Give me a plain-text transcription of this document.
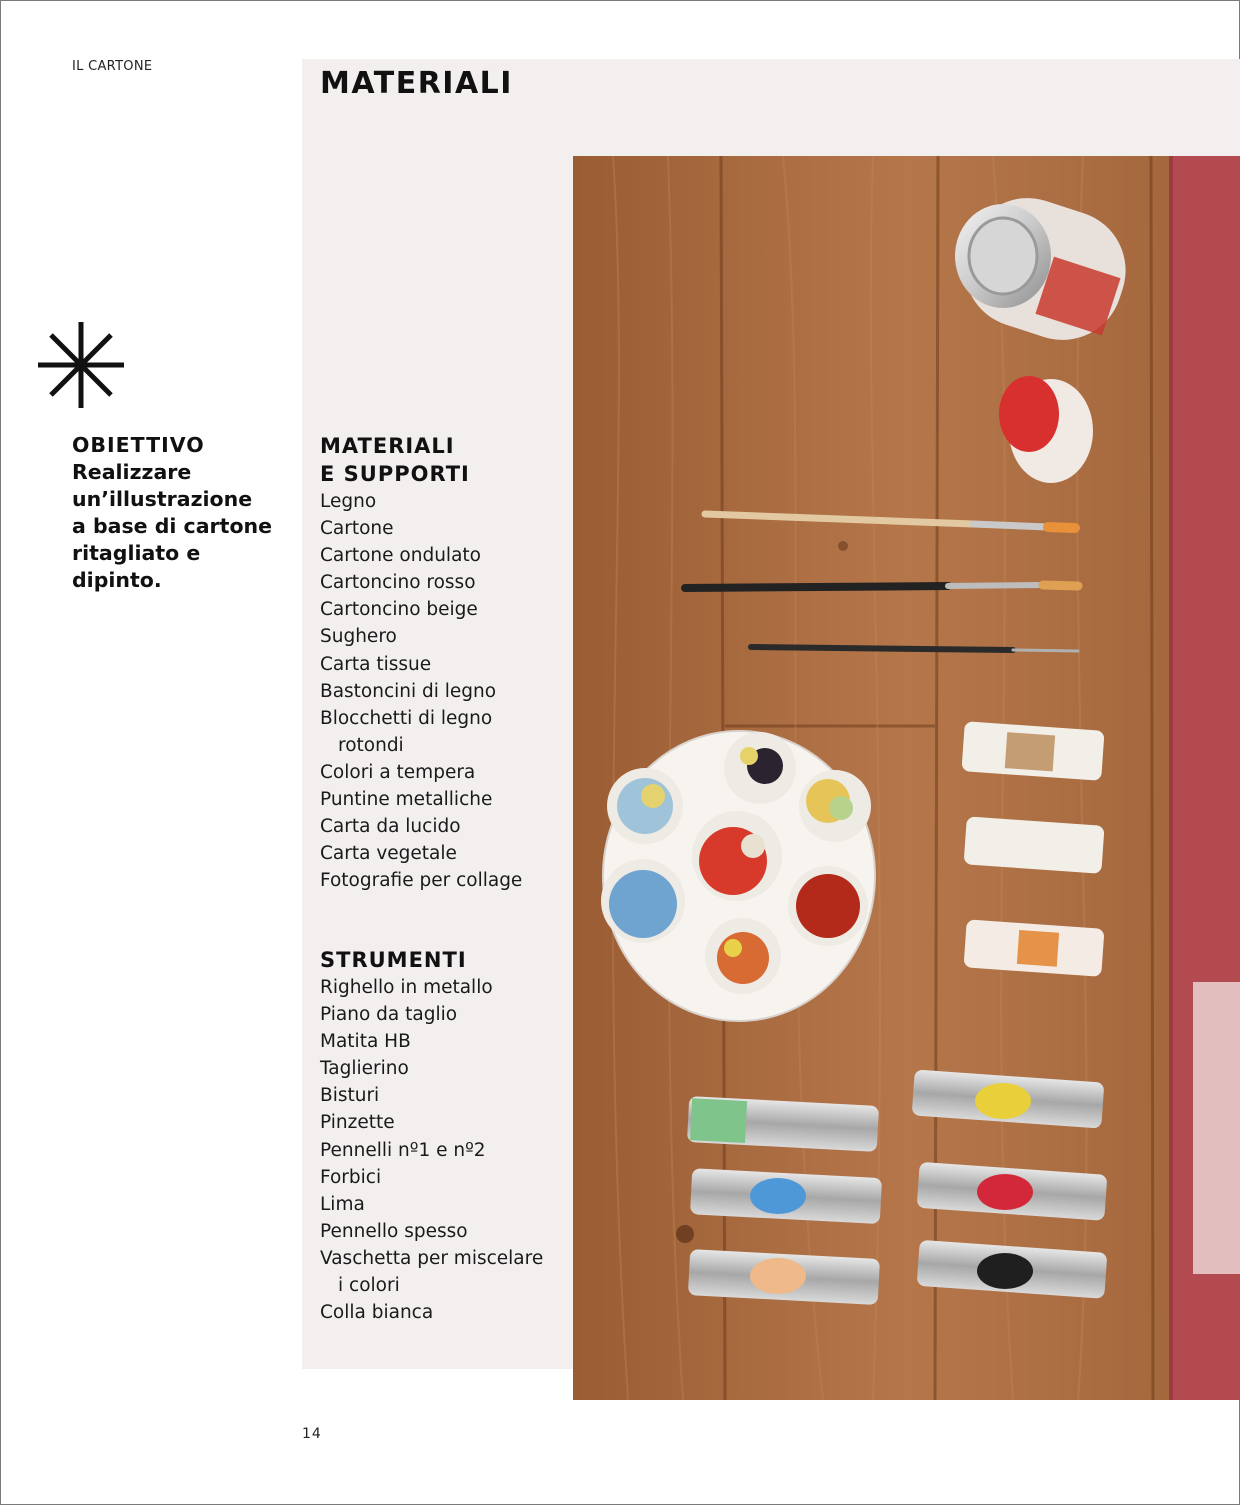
IL CARTONE	MATERIALI
OBIETTIVO
Realizzare
un’illustrazione
a base di cartone
ritagliato e
dipinto.
MATERIALI
E SUPPORTI
Legno
Cartone
Cartone ondulato
Cartoncino rosso
Cartoncino beige
Sughero
Carta tissue
Bastoncini di legno
Blocchetti di legno
rotondi
Colori a tempera
Puntine metalliche
Carta da lucido
Carta vegetale
Fotografie per collage
STRUMENTI
Righello in metallo
Piano da taglio
Matita HB
Taglierino
Bisturi
Pinzette
Pennelli nº1 e nº2
Forbici
Lima
Pennello spesso
Vaschetta per miscelare
i colori
Colla bianca
14
